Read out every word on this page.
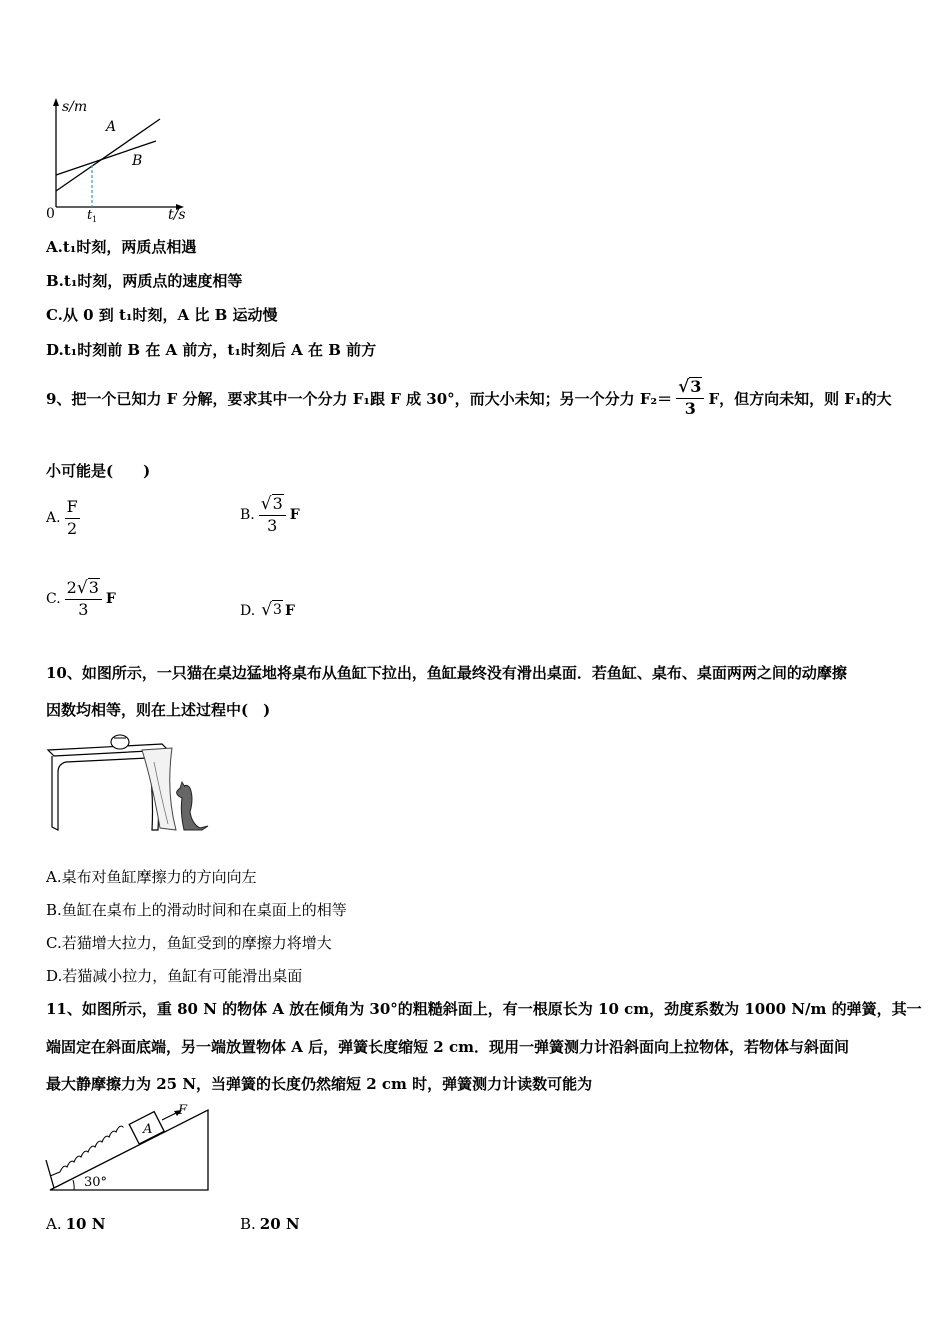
s/m
t/s
0 t 1
A
B
A.t₁时刻，两质点相遇
B.t₁时刻，两质点的速度相等
C.从 0 到 t₁时刻，A 比 B 运动慢
D.t₁时刻前 B 在 A 前方，t₁时刻后 A 在 B 前方
9、把一个已知力 F 分解，要求其中一个分力 F₁跟 F 成 30°，而大小未知；另一个分力 $F_2= \frac{√ 3}{3}$ F，但方向未知，则 F₁的大
小可能是(　　)
A. $\frac{F}{2}$	B. $\frac{√ 3}{3}$ F
C. $\frac{2 √ 3}{3}$ F
D. √ 3 F
10、如图所示，一只猫在桌边猛地将桌布从鱼缸下拉出，鱼缸最终没有滑出桌面．若鱼缸、桌布、桌面两两之间的动摩擦
因数均相等，则在上述过程中(　)
A.桌布对鱼缸摩擦力的方向向左
B.鱼缸在桌布上的滑动时间和在桌面上的相等
C.若猫增大拉力，鱼缸受到的摩擦力将增大
D.若猫减小拉力，鱼缸有可能滑出桌面
11、如图所示，重 80 N 的物体 A 放在倾角为 30°的粗糙斜面上，有一根原长为 10 cm，劲度系数为 1000 N/m 的弹簧，其一
端固定在斜面底端，另一端放置物体 A 后，弹簧长度缩短 2 cm．现用一弹簧测力计沿斜面向上拉物体，若物体与斜面间
最大静摩擦力为 25 N，当弹簧的长度仍然缩短 2 cm 时，弹簧测力计读数可能为
A
F
30°
A. 10 N	B. 20 N
